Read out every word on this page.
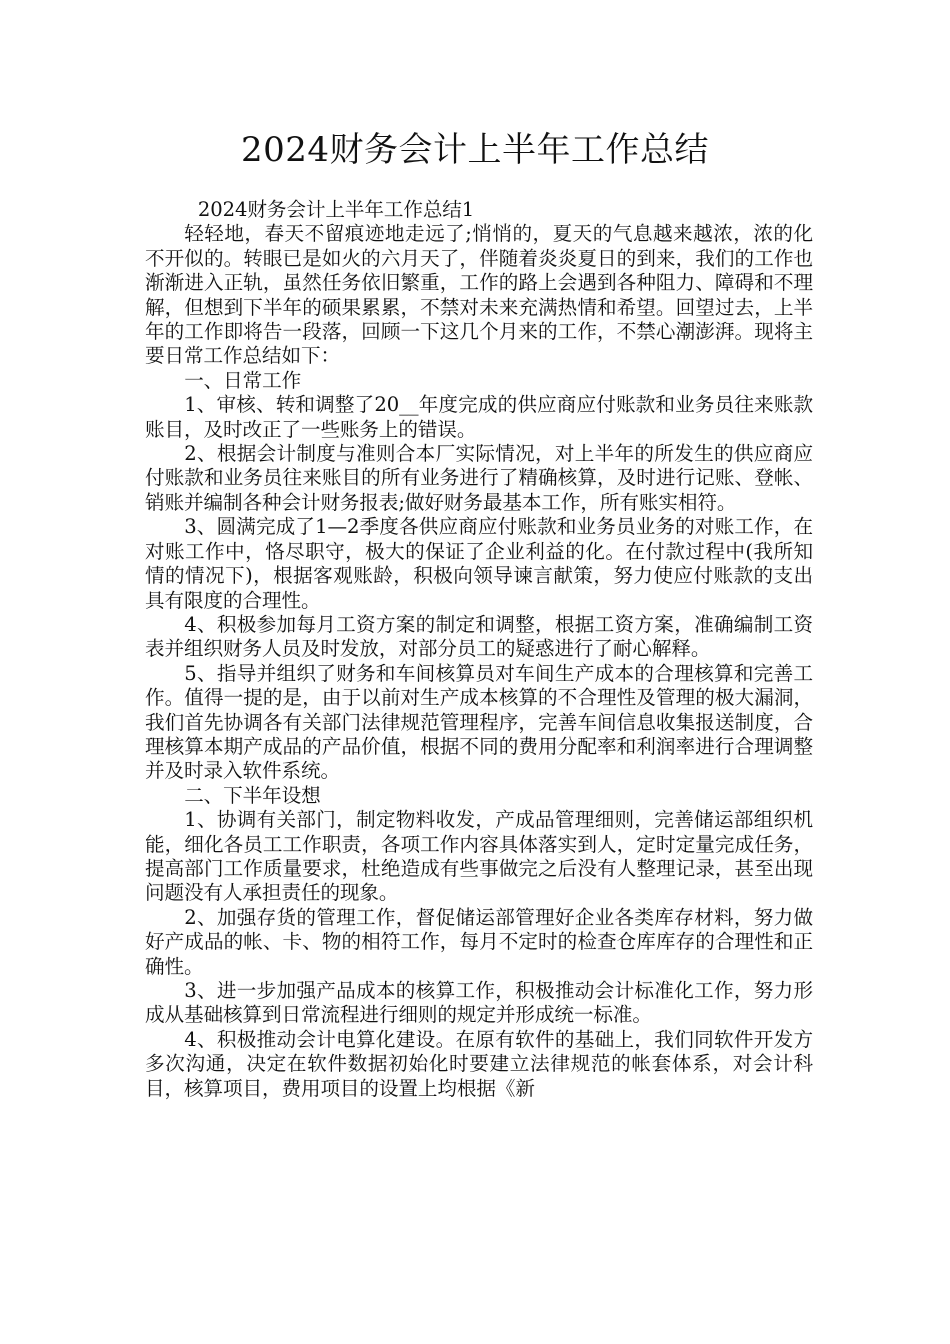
2024财务会计上半年工作总结

2024财务会计上半年工作总结1

轻轻地，春天不留痕迹地走远了;悄悄的，夏天的气息越来越浓，浓的化不开似的。转眼已是如火的六月天了，伴随着炎炎夏日的到来，我们的工作也渐渐进入正轨，虽然任务依旧繁重，工作的路上会遇到各种阻力、障碍和不理解，但想到下半年的硕果累累，不禁对未来充满热情和希望。回望过去，上半年的工作即将告一段落，回顾一下这几个月来的工作，不禁心潮澎湃。现将主要日常工作总结如下：

一、日常工作

1、审核、转和调整了20__年度完成的供应商应付账款和业务员往来账款账目，及时改正了一些账务上的错误。

2、根据会计制度与准则合本厂实际情况，对上半年的所发生的供应商应付账款和业务员往来账目的所有业务进行了精确核算，及时进行记账、登帐、销账并编制各种会计财务报表;做好财务最基本工作，所有账实相符。

3、圆满完成了1—2季度各供应商应付账款和业务员业务的对账工作，在对账工作中，恪尽职守，极大的保证了企业利益的化。在付款过程中(我所知情的情况下)，根据客观账龄，积极向领导谏言献策，努力使应付账款的支出具有限度的合理性。

4、积极参加每月工资方案的制定和调整，根据工资方案，准确编制工资表并组织财务人员及时发放，对部分员工的疑惑进行了耐心解释。

5、指导并组织了财务和车间核算员对车间生产成本的合理核算和完善工作。值得一提的是，由于以前对生产成本核算的不合理性及管理的极大漏洞，我们首先协调各有关部门法律规范管理程序，完善车间信息收集报送制度，合理核算本期产成品的产品价值，根据不同的费用分配率和利润率进行合理调整并及时录入软件系统。

二、下半年设想

1、协调有关部门，制定物料收发，产成品管理细则，完善储运部组织机能，细化各员工工作职责，各项工作内容具体落实到人，定时定量完成任务，提高部门工作质量要求，杜绝造成有些事做完之后没有人整理记录，甚至出现问题没有人承担责任的现象。

2、加强存货的管理工作，督促储运部管理好企业各类库存材料，努力做好产成品的帐、卡、物的相符工作，每月不定时的检查仓库库存的合理性和正确性。

3、进一步加强产品成本的核算工作，积极推动会计标准化工作，努力形成从基础核算到日常流程进行细则的规定并形成统一标准。

4、积极推动会计电算化建设。在原有软件的基础上，我们同软件开发方多次沟通，决定在软件数据初始化时要建立法律规范的帐套体系，对会计科目，核算项目，费用项目的设置上均根据《新
